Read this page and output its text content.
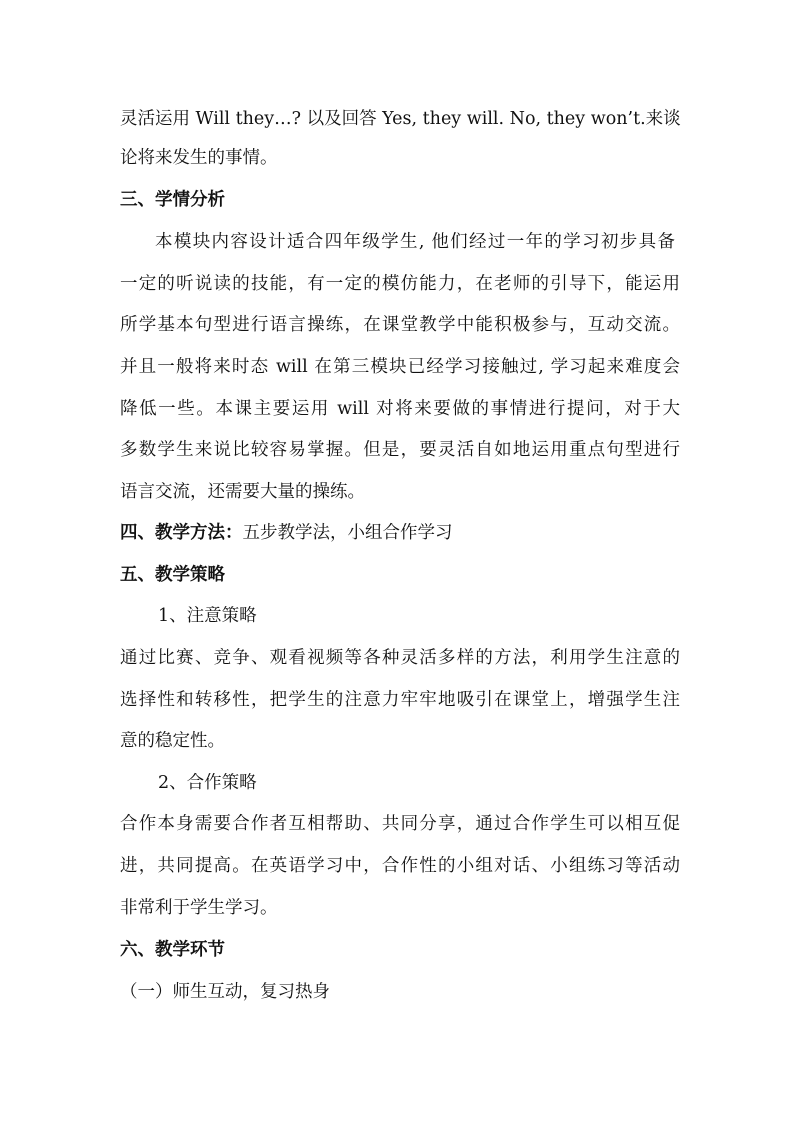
灵活运用 Will they…? 以及回答 Yes, they will. No, they won’t.来谈
论将来发生的事情。
三、学情分析
本模块内容设计适合四年级学生, 他们经过一年的学习初步具备
一定的听说读的技能，有一定的模仿能力，在老师的引导下，能运用
所学基本句型进行语言操练，在课堂教学中能积极参与，互动交流。
并且一般将来时态 will 在第三模块已经学习接触过, 学习起来难度会
降低一些。本课主要运用 will 对将来要做的事情进行提问，对于大
多数学生来说比较容易掌握。但是，要灵活自如地运用重点句型进行
语言交流，还需要大量的操练。
四、教学方法：五步教学法，小组合作学习
五、教学策略
1、注意策略
通过比赛、竞争、观看视频等各种灵活多样的方法，利用学生注意的
选择性和转移性，把学生的注意力牢牢地吸引在课堂上，增强学生注
意的稳定性。
2、合作策略
合作本身需要合作者互相帮助、共同分享，通过合作学生可以相互促
进，共同提高。在英语学习中，合作性的小组对话、小组练习等活动
非常利于学生学习。
六、教学环节
（一）师生互动，复习热身
